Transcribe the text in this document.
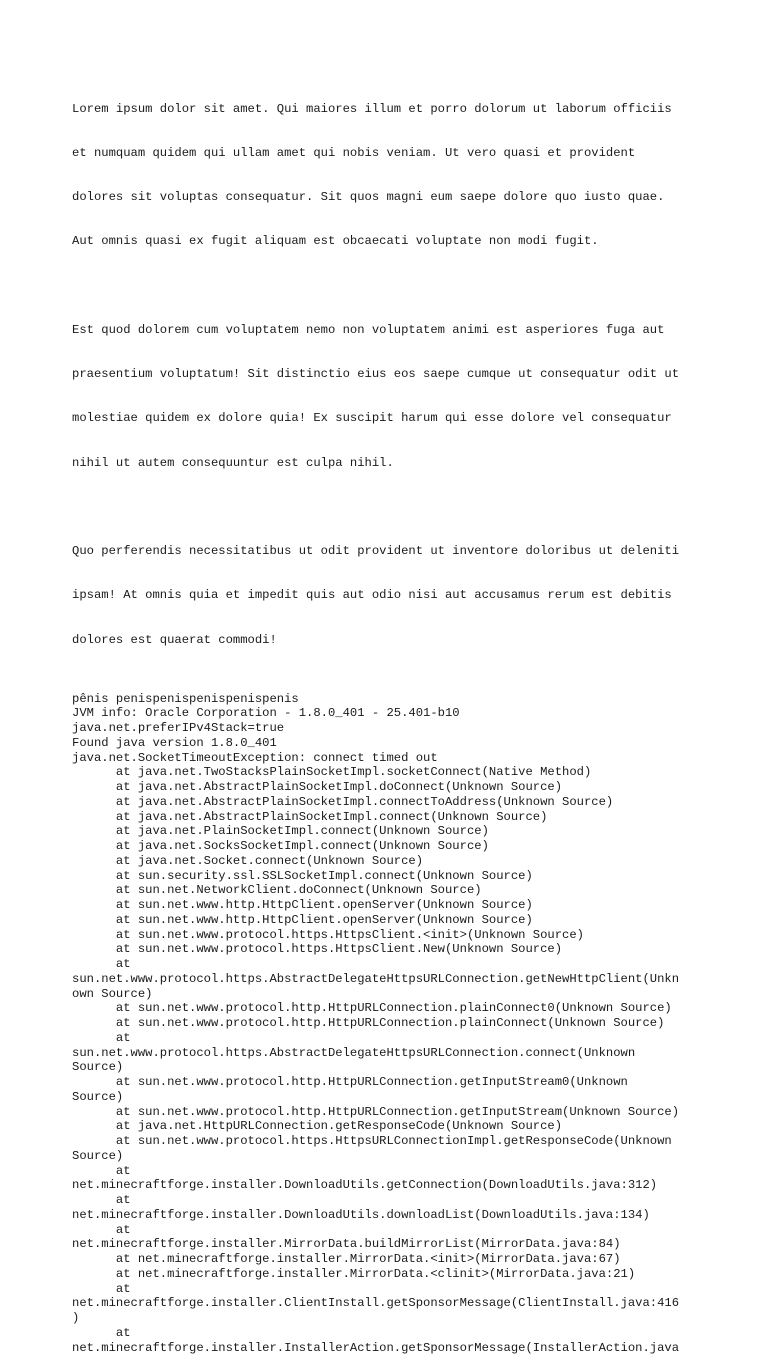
Lorem ipsum dolor sit amet. Qui maiores illum et porro dolorum ut laborum officiis

et numquam quidem qui ullam amet qui nobis veniam. Ut vero quasi et provident

dolores sit voluptas consequatur. Sit quos magni eum saepe dolore quo iusto quae.

Aut omnis quasi ex fugit aliquam est obcaecati voluptate non modi fugit.

Est quod dolorem cum voluptatem nemo non voluptatem animi est asperiores fuga aut

praesentium voluptatum! Sit distinctio eius eos saepe cumque ut consequatur odit ut

molestiae quidem ex dolore quia! Ex suscipit harum qui esse dolore vel consequatur

nihil ut autem consequuntur est culpa nihil.

Quo perferendis necessitatibus ut odit provident ut inventore doloribus ut deleniti

ipsam! At omnis quia et impedit quis aut odio nisi aut accusamus rerum est debitis

dolores est quaerat commodi!

pênis penispenispenispenispenis
JVM info: Oracle Corporation - 1.8.0_401 - 25.401-b10
java.net.preferIPv4Stack=true
Found java version 1.8.0_401
java.net.SocketTimeoutException: connect timed out
at java.net.TwoStacksPlainSocketImpl.socketConnect(Native Method)
at java.net.AbstractPlainSocketImpl.doConnect(Unknown Source)
at java.net.AbstractPlainSocketImpl.connectToAddress(Unknown Source)
at java.net.AbstractPlainSocketImpl.connect(Unknown Source)
at java.net.PlainSocketImpl.connect(Unknown Source)
at java.net.SocksSocketImpl.connect(Unknown Source)
at java.net.Socket.connect(Unknown Source)
at sun.security.ssl.SSLSocketImpl.connect(Unknown Source)
at sun.net.NetworkClient.doConnect(Unknown Source)
at sun.net.www.http.HttpClient.openServer(Unknown Source)
at sun.net.www.http.HttpClient.openServer(Unknown Source)
at sun.net.www.protocol.https.HttpsClient.<init>(Unknown Source)
at sun.net.www.protocol.https.HttpsClient.New(Unknown Source)
at
sun.net.www.protocol.https.AbstractDelegateHttpsURLConnection.getNewHttpClient(Unkn
own Source)
at sun.net.www.protocol.http.HttpURLConnection.plainConnect0(Unknown Source)
at sun.net.www.protocol.http.HttpURLConnection.plainConnect(Unknown Source)
at
sun.net.www.protocol.https.AbstractDelegateHttpsURLConnection.connect(Unknown
Source)
at sun.net.www.protocol.http.HttpURLConnection.getInputStream0(Unknown
Source)
at sun.net.www.protocol.http.HttpURLConnection.getInputStream(Unknown Source)
at java.net.HttpURLConnection.getResponseCode(Unknown Source)
at sun.net.www.protocol.https.HttpsURLConnectionImpl.getResponseCode(Unknown
Source)
at
net.minecraftforge.installer.DownloadUtils.getConnection(DownloadUtils.java:312)
at
net.minecraftforge.installer.DownloadUtils.downloadList(DownloadUtils.java:134)
at
net.minecraftforge.installer.MirrorData.buildMirrorList(MirrorData.java:84)
at net.minecraftforge.installer.MirrorData.<init>(MirrorData.java:67)
at net.minecraftforge.installer.MirrorData.<clinit>(MirrorData.java:21)
at
net.minecraftforge.installer.ClientInstall.getSponsorMessage(ClientInstall.java:416
)
at
net.minecraftforge.installer.InstallerAction.getSponsorMessage(InstallerAction.java
